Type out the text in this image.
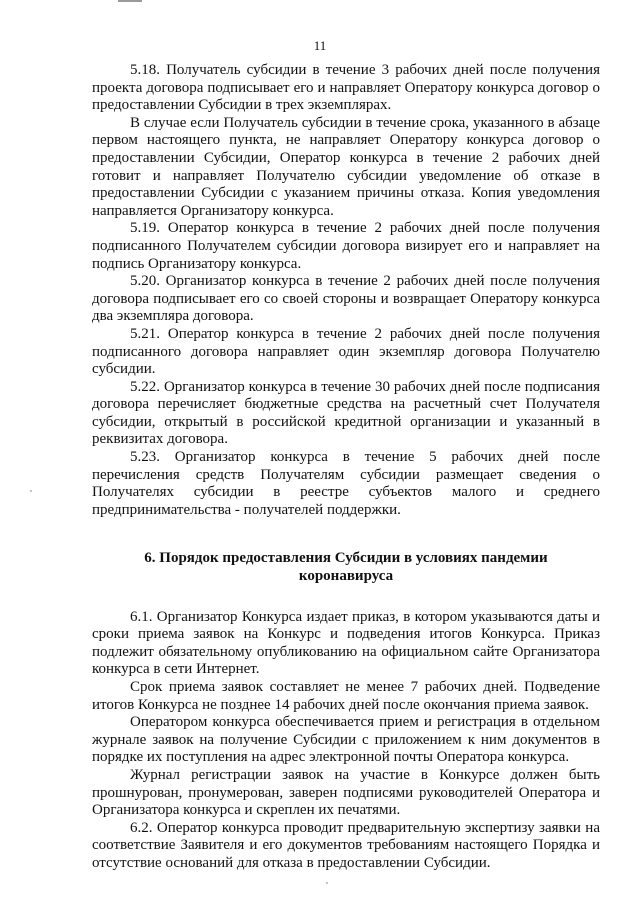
11

5.18. Получатель субсидии в течение 3 рабочих дней после получения проекта договора подписывает его и направляет Оператору конкурса договор о предоставлении Субсидии в трех экземплярах.

В случае если Получатель субсидии в течение срока, указанного в абзаце первом настоящего пункта, не направляет Оператору конкурса договор о предоставлении Субсидии, Оператор конкурса в течение 2 рабочих дней готовит и направляет Получателю субсидии уведомление об отказе в предоставлении Субсидии с указанием причины отказа. Копия уведомления направляется Организатору конкурса.

5.19. Оператор конкурса в течение 2 рабочих дней после получения подписанного Получателем субсидии договора визирует его и направляет на подпись Организатору конкурса.

5.20. Организатор конкурса в течение 2 рабочих дней после получения договора подписывает его со своей стороны и возвращает Оператору конкурса два экземпляра договора.

5.21. Оператор конкурса в течение 2 рабочих дней после получения подписанного договора направляет один экземпляр договора Получателю субсидии.

5.22. Организатор конкурса в течение 30 рабочих дней после подписания договора перечисляет бюджетные средства на расчетный счет Получателя субсидии, открытый в российской кредитной организации и указанный в реквизитах договора.

5.23. Организатор конкурса в течение 5 рабочих дней после перечисления средств Получателям субсидии размещает сведения о Получателях субсидии в реестре субъектов малого и среднего предпринимательства - получателей поддержки.

6. Порядок предоставления Субсидии в условиях пандемии коронавируса

6.1. Организатор Конкурса издает приказ, в котором указываются даты и сроки приема заявок на Конкурс и подведения итогов Конкурса. Приказ подлежит обязательному опубликованию на официальном сайте Организатора конкурса в сети Интернет.

Срок приема заявок составляет не менее 7 рабочих дней. Подведение итогов Конкурса не позднее 14 рабочих дней после окончания приема заявок.

Оператором конкурса обеспечивается прием и регистрация в отдельном журнале заявок на получение Субсидии с приложением к ним документов в порядке их поступления на адрес электронной почты Оператора конкурса.

Журнал регистрации заявок на участие в Конкурсе должен быть прошнурован, пронумерован, заверен подписями руководителей Оператора и Организатора конкурса и скреплен их печатями.

6.2. Оператор конкурса проводит предварительную экспертизу заявки на соответствие Заявителя и его документов требованиям настоящего Порядка и отсутствие оснований для отказа в предоставлении Субсидии.
